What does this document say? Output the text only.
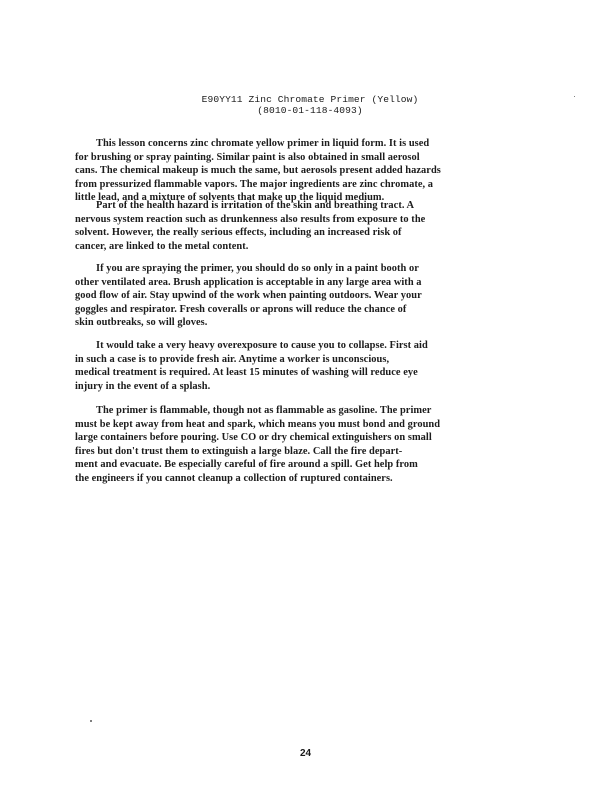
E90YY11 Zinc Chromate Primer (Yellow)
(8010-01-118-4093)
This lesson concerns zinc chromate yellow primer in liquid form. It is used
for brushing or spray painting. Similar paint is also obtained in small aerosol
cans. The chemical makeup is much the same, but aerosols present added hazards
from pressurized flammable vapors. The major ingredients are zinc chromate, a
little lead, and a mixture of solvents that make up the liquid medium.
Part of the health hazard is irritation of the skin and breathing tract. A
nervous system reaction such as drunkenness also results from exposure to the
solvent. However, the really serious effects, including an increased risk of
cancer, are linked to the metal content.
If you are spraying the primer, you should do so only in a paint booth or
other ventilated area. Brush application is acceptable in any large area with a
good flow of air. Stay upwind of the work when painting outdoors. Wear your
goggles and respirator. Fresh coveralls or aprons will reduce the chance of
skin outbreaks, so will gloves.
It would take a very heavy overexposure to cause you to collapse. First aid
in such a case is to provide fresh air. Anytime a worker is unconscious,
medical treatment is required. At least 15 minutes of washing will reduce eye
injury in the event of a splash.
The primer is flammable, though not as flammable as gasoline. The primer
must be kept away from heat and spark, which means you must bond and ground
large containers before pouring. Use CO or dry chemical extinguishers on small
fires but don't trust them to extinguish a large blaze. Call the fire depart-
ment and evacuate. Be especially careful of fire around a spill. Get help from
the engineers if you cannot cleanup a collection of ruptured containers.
24
